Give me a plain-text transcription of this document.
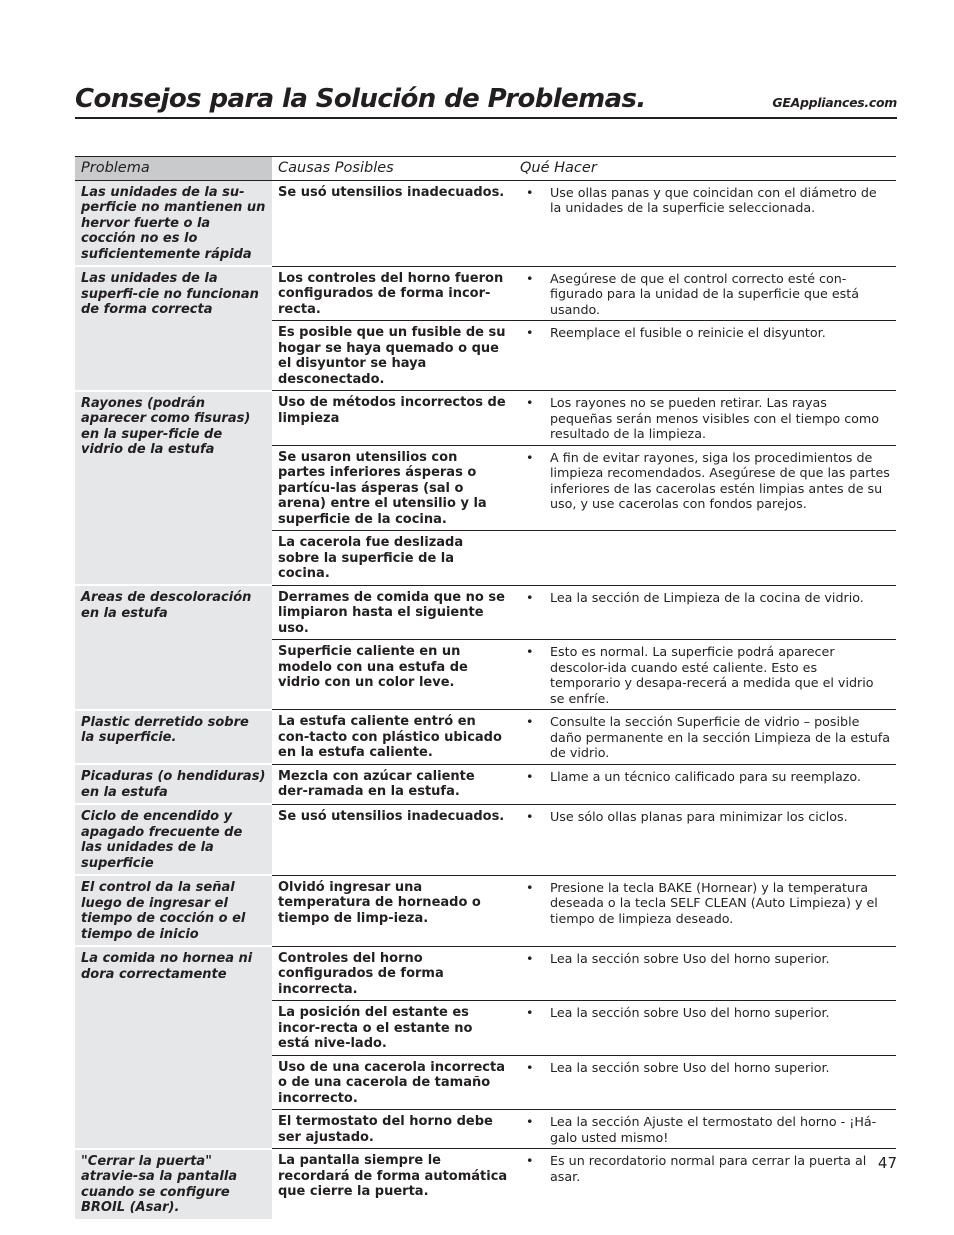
Consejos para la Solución de Problemas.	GEAppliances.com
Problema	Causas Posibles	Qué Hacer
Las unidades de la su-perficie no mantienen un hervor fuerte o la cocción no es lo suficientemente rápida	Se usó utensilios inadecuados.	• Use ollas panas y que coincidan con el diámetro de la unidades de la superficie seleccionada.

Las unidades de la superfi-cie no funcionan de forma correcta	Los controles del horno fueron configurados de forma incor-recta.	• Asegúrese de que el control correcto esté con-figurado para la unidad de la superficie que está usando.

	Es posible que un fusible de su hogar se haya quemado o que el disyuntor se haya desconectado.	• Reemplace el fusible o reinicie el disyuntor.

Rayones (podrán aparecer como fisuras) en la super-ficie de vidrio de la estufa	Uso de métodos incorrectos de limpieza	• Los rayones no se pueden retirar. Las rayas pequeñas serán menos visibles con el tiempo como resultado de la limpieza.

	Se usaron utensilios con partes inferiores ásperas o partícu-las ásperas (sal o arena) entre el utensilio y la superficie de la cocina.	• A fin de evitar rayones, siga los procedimientos de limpieza recomendados. Asegúrese de que las partes inferiores de las cacerolas estén limpias antes de su uso, y use cacerolas con fondos parejos.

	La cacerola fue deslizada sobre la superficie de la cocina.	
Areas de descoloración en la estufa	Derrames de comida que no se limpiaron hasta el siguiente uso.	• Lea la sección de Limpieza de la cocina de vidrio.

	Superficie caliente en un modelo con una estufa de vidrio con un color leve.	• Esto es normal. La superficie podrá aparecer descolor-ida cuando esté caliente. Esto es temporario y desapa-recerá a medida que el vidrio se enfríe.

Plastic derretido sobre la superficie.	La estufa caliente entró en con-tacto con plástico ubicado en la estufa caliente.	• Consulte la sección Superficie de vidrio – posible daño permanente en la sección Limpieza de la estufa de vidrio.

Picaduras (o hendiduras) en la estufa	Mezcla con azúcar caliente der-ramada en la estufa.	• Llame a un técnico calificado para su reemplazo.

Ciclo de encendido y apagado frecuente de las unidades de la superficie	Se usó utensilios inadecuados.	• Use sólo ollas planas para minimizar los ciclos.

El control da la señal luego de ingresar el tiempo de cocción o el tiempo de inicio	Olvidó ingresar una temperatura de horneado o tiempo de limp-ieza.	• Presione la tecla BAKE (Hornear) y la temperatura deseada o la tecla SELF CLEAN (Auto Limpieza) y el tiempo de limpieza deseado.

La comida no hornea ni dora correctamente	Controles del horno configurados de forma incorrecta.	• Lea la sección sobre Uso del horno superior.

	La posición del estante es incor-recta o el estante no está nive-lado.	• Lea la sección sobre Uso del horno superior.

	Uso de una cacerola incorrecta o de una cacerola de tamaño incorrecto.	• Lea la sección sobre Uso del horno superior.

	El termostato del horno debe ser ajustado.	• Lea la sección Ajuste el termostato del horno - ¡Há-galo usted mismo!

"Cerrar la puerta" atravie-sa la pantalla cuando se configure BROIL (Asar).	La pantalla siempre le recordará de forma automática que cierre la puerta.	• Es un recordatorio normal para cerrar la puerta al asar.
47
